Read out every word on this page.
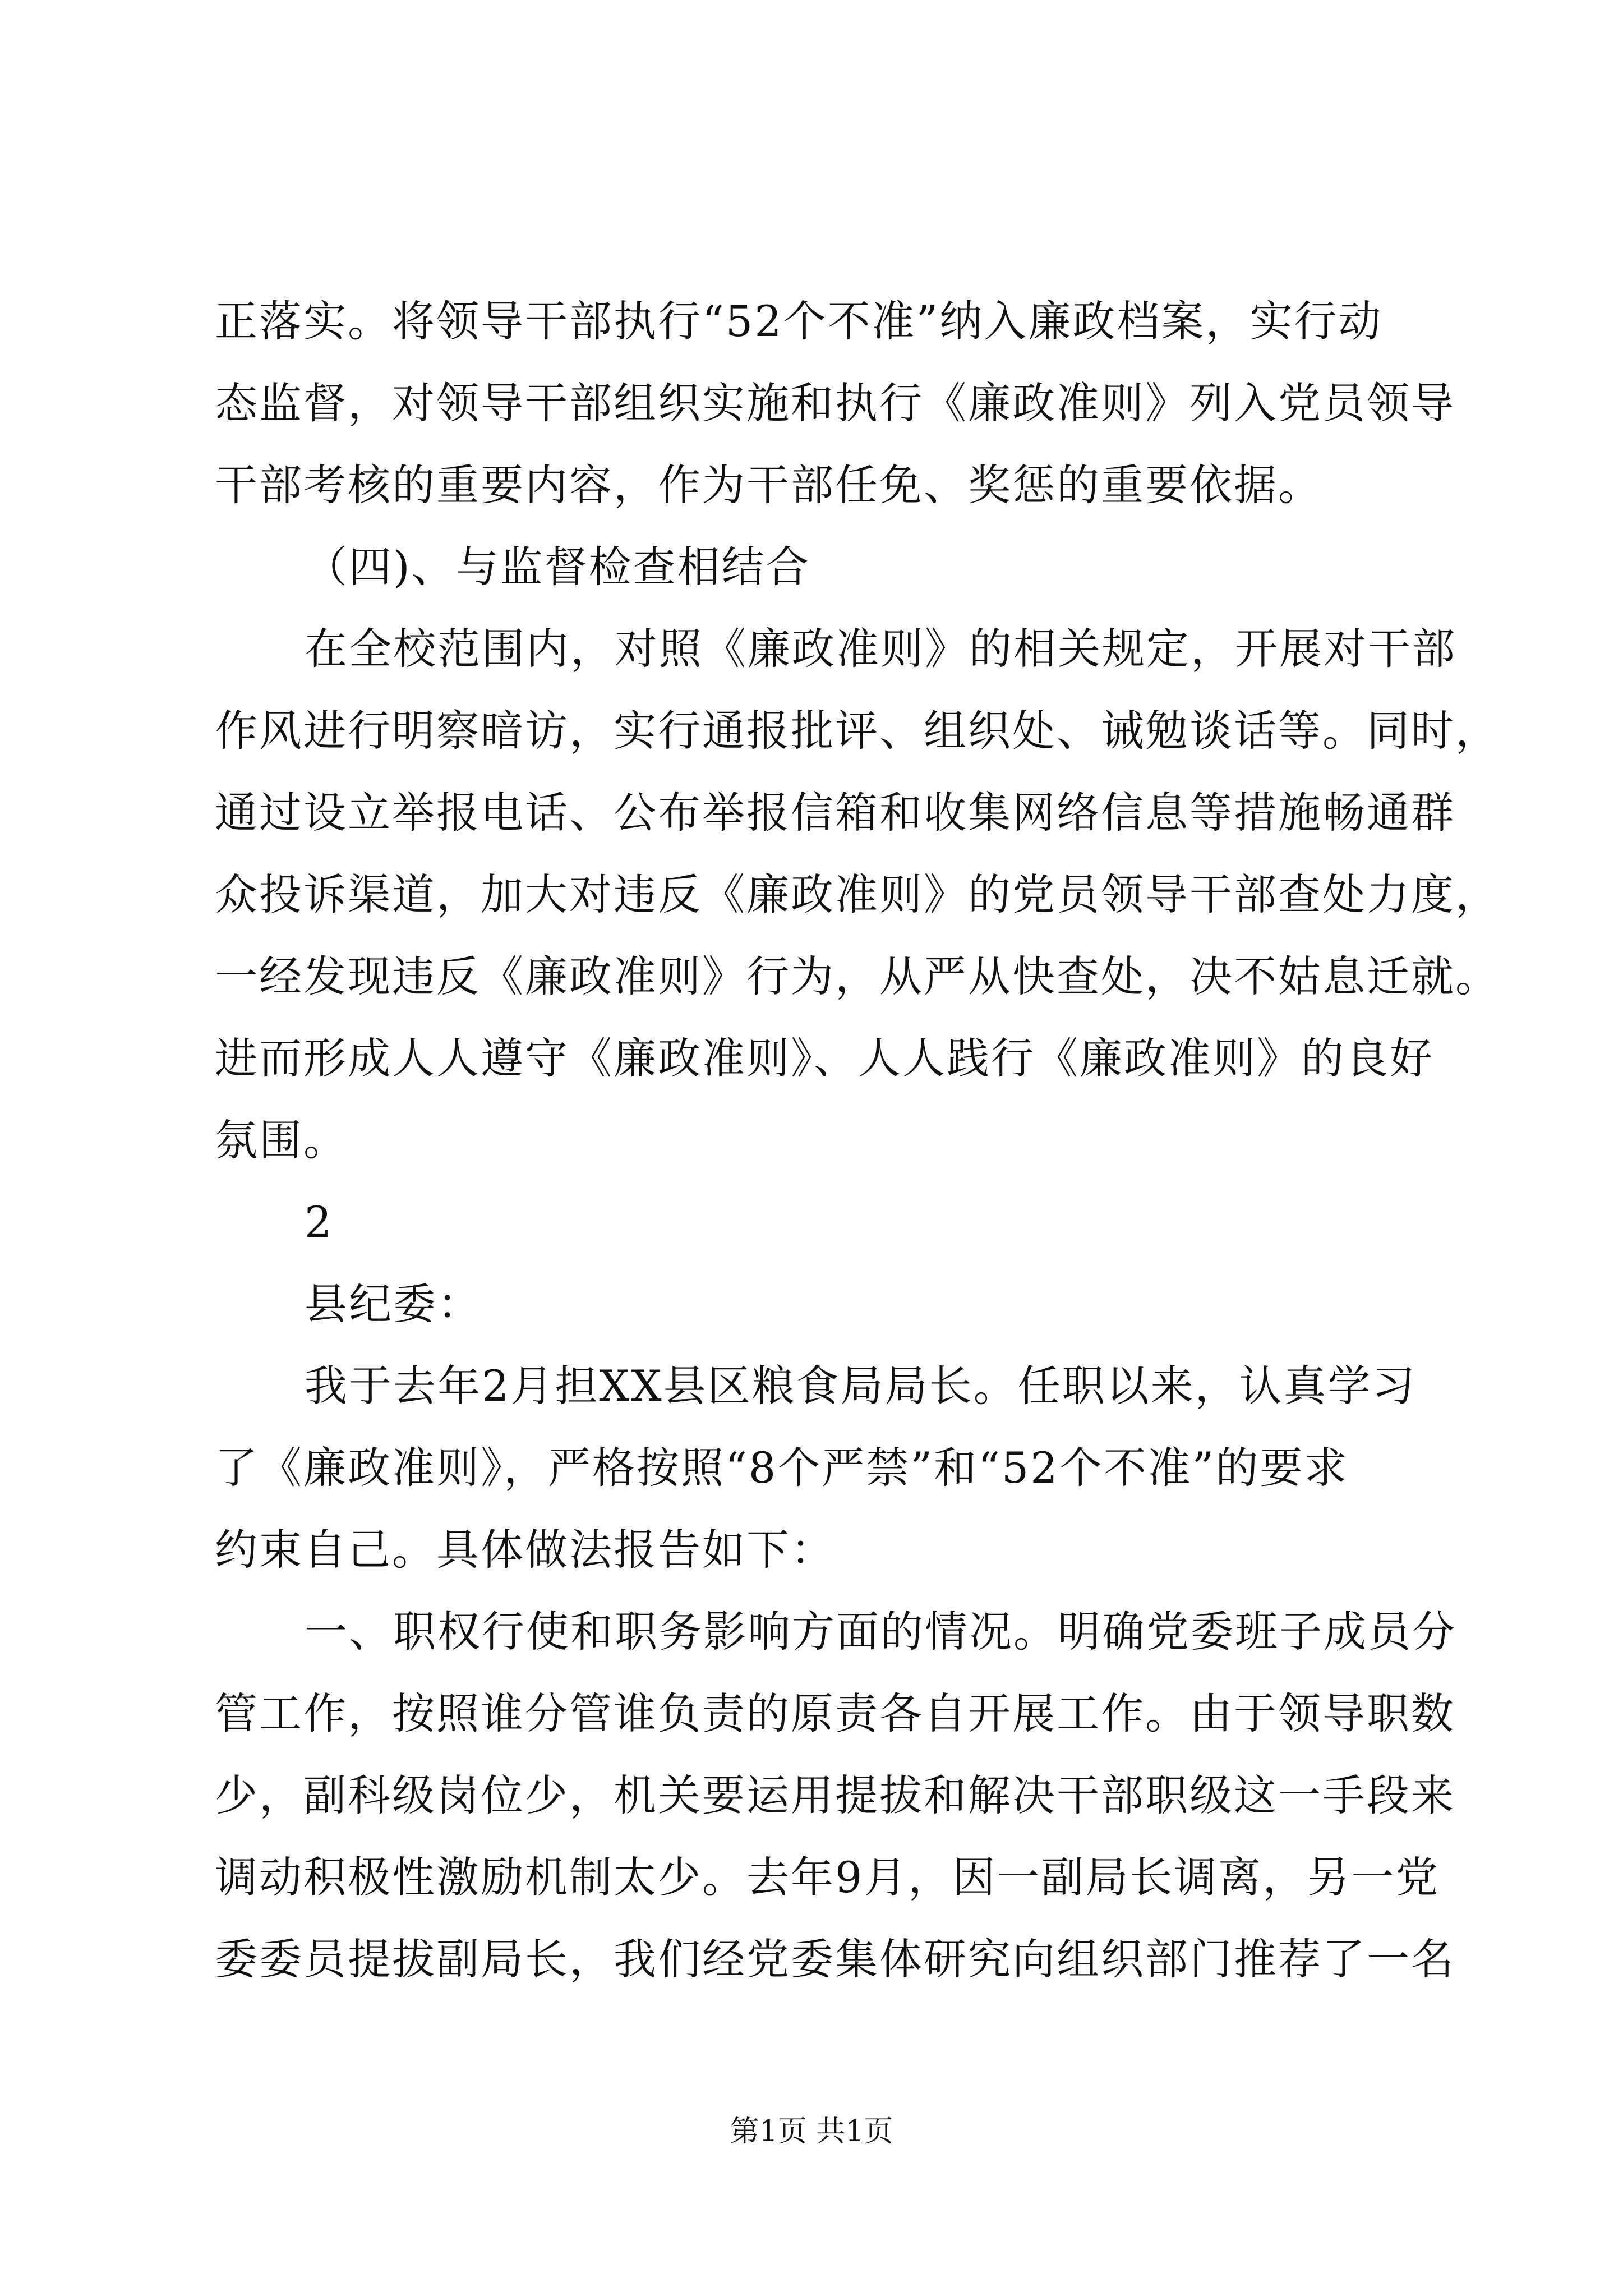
正落实。将领导干部执行“52个不准”纳入廉政档案，实行动
态监督，对领导干部组织实施和执行《廉政准则》列入党员领导
干部考核的重要内容，作为干部任免、奖惩的重要依据。
（四)、与监督检查相结合
在全校范围内，对照《廉政准则》的相关规定，开展对干部
作风进行明察暗访，实行通报批评、组织处、诫勉谈话等。同时，
通过设立举报电话、公布举报信箱和收集网络信息等措施畅通群
众投诉渠道，加大对违反《廉政准则》的党员领导干部查处力度，
一经发现违反《廉政准则》行为，从严从快查处，决不姑息迁就。
进而形成人人遵守《廉政准则》、人人践行《廉政准则》的良好
氛围。
2
县纪委：
我于去年2月担XX县区粮食局局长。任职以来，认真学习
了《廉政准则》，严格按照“8个严禁”和“52个不准”的要求
约束自己。具体做法报告如下：
一、职权行使和职务影响方面的情况。明确党委班子成员分
管工作，按照谁分管谁负责的原责各自开展工作。由于领导职数
少，副科级岗位少，机关要运用提拔和解决干部职级这一手段来
调动积极性激励机制太少。去年9月，因一副局长调离，另一党
委委员提拔副局长，我们经党委集体研究向组织部门推荐了一名
第1页 共1页
